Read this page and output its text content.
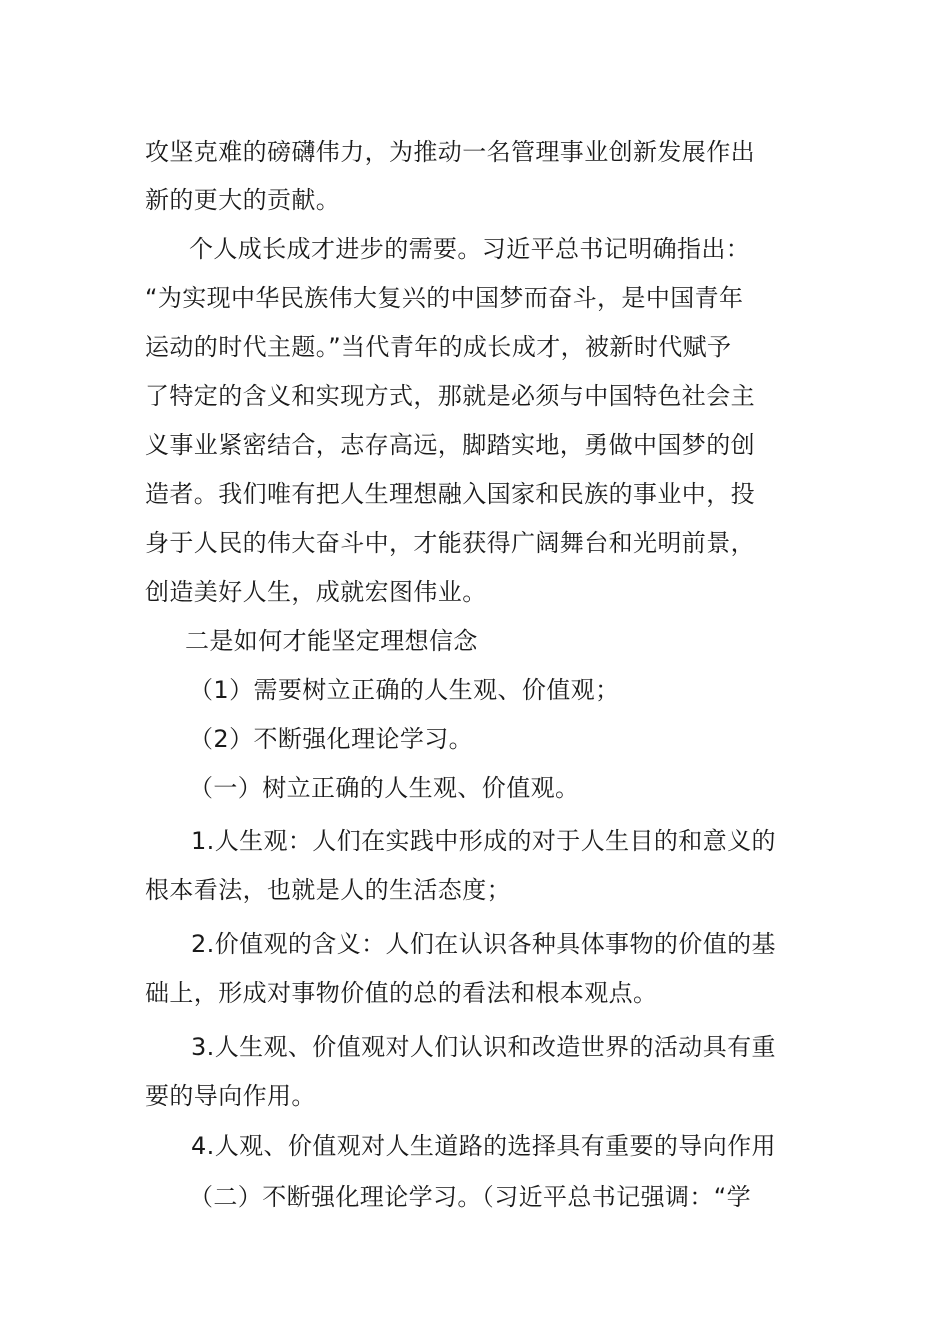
攻坚克难的磅礴伟力，为推动一名管理事业创新发展作出
新的更大的贡献。
个人成长成才进步的需要。习近平总书记明确指出：
“为实现中华民族伟大复兴的中国梦而奋斗，是中国青年
运动的时代主题。”当代青年的成长成才，被新时代赋予
了特定的含义和实现方式，那就是必须与中国特色社会主
义事业紧密结合，志存高远，脚踏实地，勇做中国梦的创
造者。我们唯有把人生理想融入国家和民族的事业中，投
身于人民的伟大奋斗中，才能获得广阔舞台和光明前景，
创造美好人生，成就宏图伟业。
二是如何才能坚定理想信念
（1）需要树立正确的人生观、价值观；
（2）不断强化理论学习。
（一）树立正确的人生观、价值观。
1.人生观：人们在实践中形成的对于人生目的和意义的
根本看法，也就是人的生活态度；
2.价值观的含义：人们在认识各种具体事物的价值的基
础上，形成对事物价值的总的看法和根本观点。
3.人生观、价值观对人们认识和改造世界的活动具有重
要的导向作用。
4.人观、价值观对人生道路的选择具有重要的导向作用
（二）不断强化理论学习。（习近平总书记强调：“学
